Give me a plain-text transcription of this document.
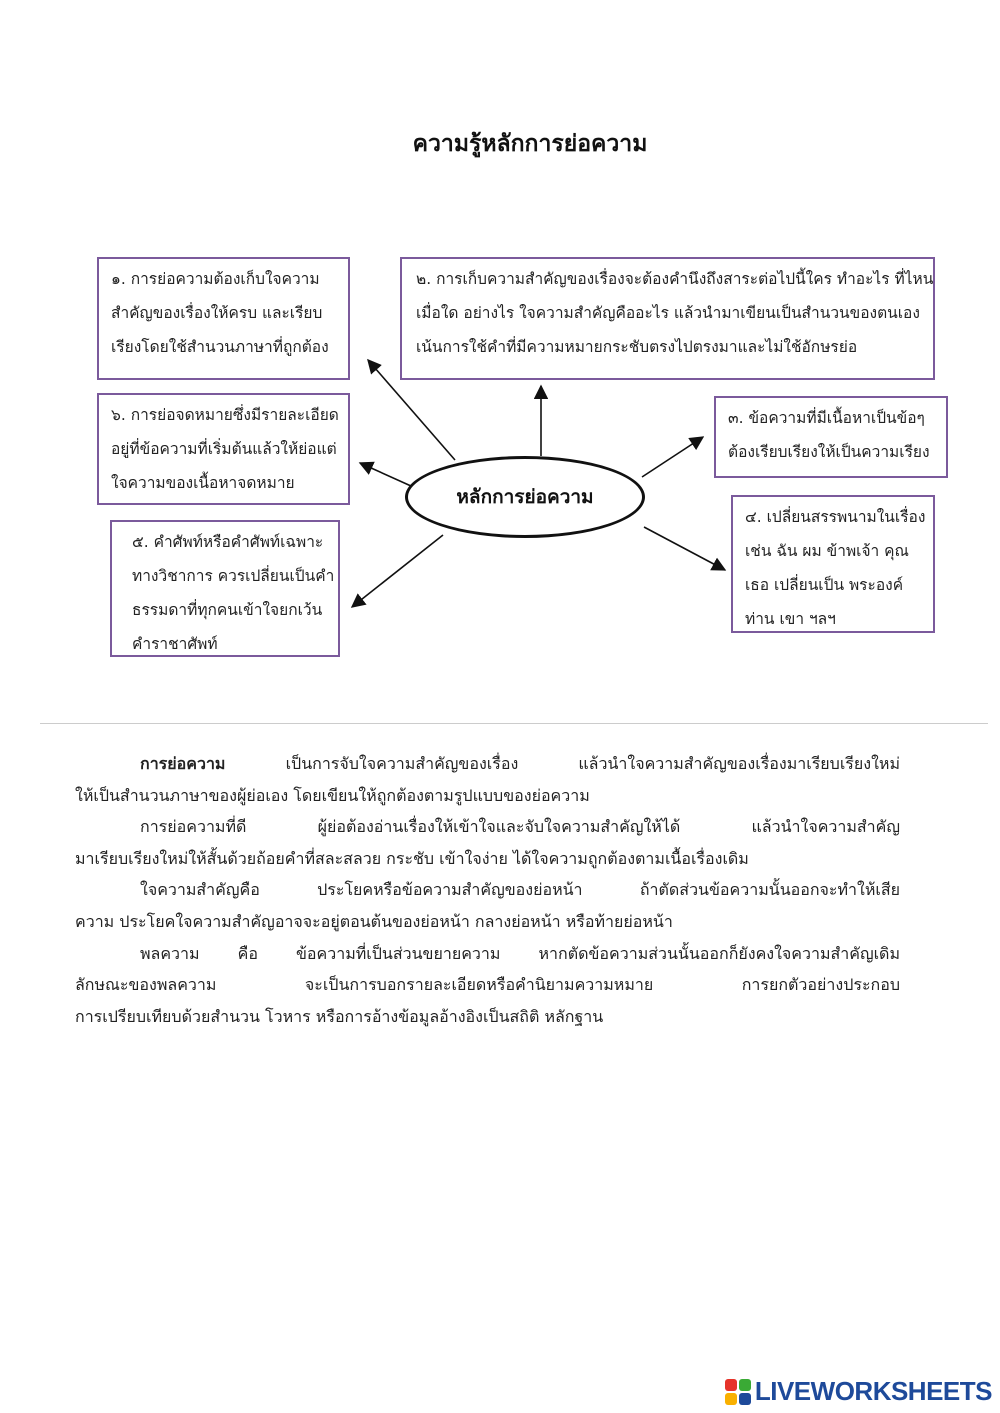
ความรู้หลักการย่อความ
๑. การย่อความต้องเก็บใจความ
สำคัญของเรื่องให้ครบ และเรียบ
เรียงโดยใช้สำนวนภาษาที่ถูกต้อง
๒. การเก็บความสำคัญของเรื่องจะต้องคำนึงถึงสาระต่อไปนี้ใคร ทำอะไร ที่ไหน
เมื่อใด อย่างไร ใจความสำคัญคืออะไร แล้วนำมาเขียนเป็นสำนวนของตนเอง
เน้นการใช้คำที่มีความหมายกระชับตรงไปตรงมาและไม่ใช้อักษรย่อ
๓. ข้อความที่มีเนื้อหาเป็นข้อๆ
ต้องเรียบเรียงให้เป็นความเรียง
๔. เปลี่ยนสรรพนามในเรื่อง
เช่น ฉัน ผม ข้าพเจ้า คุณ
เธอ เปลี่ยนเป็น พระองค์
ท่าน เขา ฯลฯ
๕. คำศัพท์หรือคำศัพท์เฉพาะ
ทางวิชาการ ควรเปลี่ยนเป็นคำ
ธรรมดาที่ทุกคนเข้าใจยกเว้น
คำราชาศัพท์
๖. การย่อจดหมายซึ่งมีรายละเอียด
อยู่ที่ข้อความที่เริ่มต้นแล้วให้ย่อแต่
ใจความของเนื้อหาจดหมาย
หลักการย่อความ
การย่อความ เป็นการจับใจความสำคัญของเรื่อง แล้วนำใจความสำคัญของเรื่องมาเรียบเรียงใหม่
ให้เป็นสำนวนภาษาของผู้ย่อเอง โดยเขียนให้ถูกต้องตามรูปแบบของย่อความ
การย่อความที่ดี ผู้ย่อต้องอ่านเรื่องให้เข้าใจและจับใจความสำคัญให้ได้ แล้วนำใจความสำคัญ
มาเรียบเรียงใหม่ให้สั้นด้วยถ้อยคำที่สละสลวย กระชับ เข้าใจง่าย ได้ใจความถูกต้องตามเนื้อเรื่องเดิม
ใจความสำคัญคือ ประโยคหรือข้อความสำคัญของย่อหน้า ถ้าตัดส่วนข้อความนั้นออกจะทำให้เสีย
ความ ประโยคใจความสำคัญอาจจะอยู่ตอนต้นของย่อหน้า กลางย่อหน้า หรือท้ายย่อหน้า
พลความ คือ ข้อความที่เป็นส่วนขยายความ หากตัดข้อความส่วนนั้นออกก็ยังคงใจความสำคัญเดิม
ลักษณะของพลความ จะเป็นการบอกรายละเอียดหรือคำนิยามความหมาย การยกตัวอย่างประกอบ
การเปรียบเทียบด้วยสำนวน โวหาร หรือการอ้างข้อมูลอ้างอิงเป็นสถิติ หลักฐาน
LIVEWORKSHEETS
